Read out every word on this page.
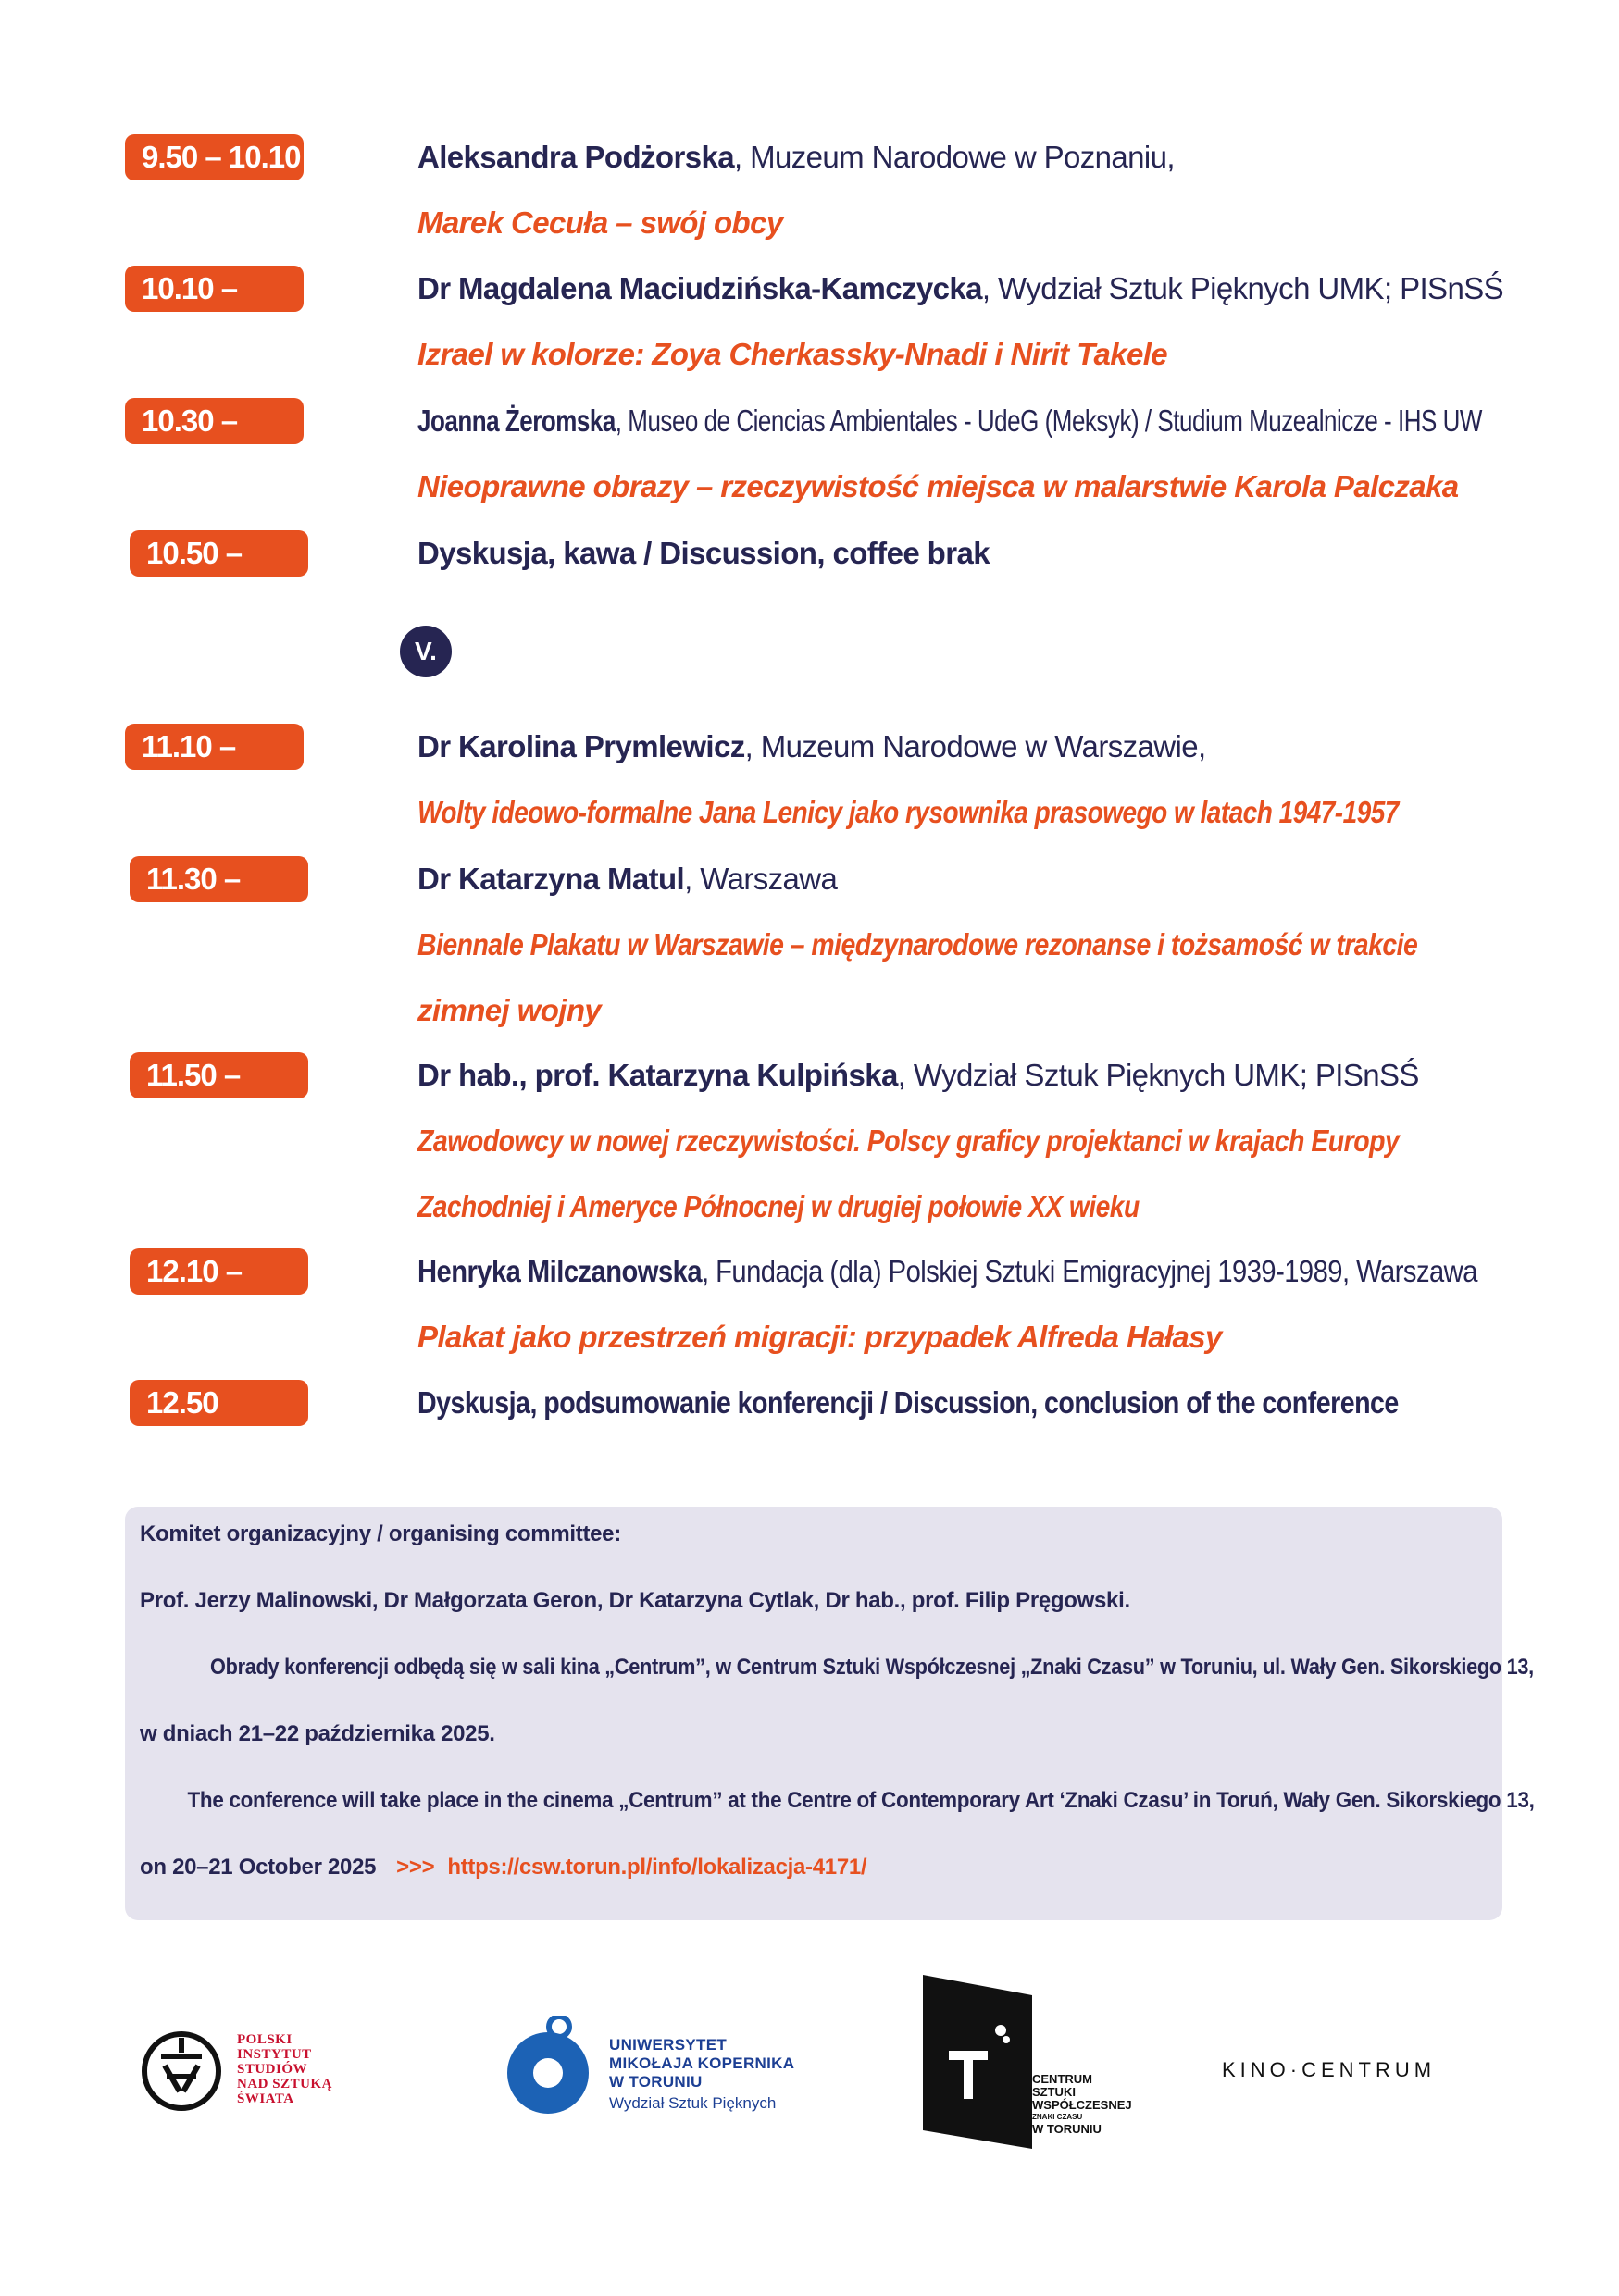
9.50 – 10.10	Aleksandra Podżorska, Muzeum Narodowe w Poznaniu,
Marek Cecuła – swój obcy
10.10 – 10.30
Dr Magdalena Maciudzińska-Kamczycka, Wydział Sztuk Pięknych UMK; PISnSŚ
Izrael w kolorze: Zoya Cherkassky-Nnadi i Nirit Takele
10.30 – 10.50
Joanna Żeromska, Museo de Ciencias Ambientales - UdeG (Meksyk) / Studium Muzealnicze - IHS UW
Nieoprawne obrazy – rzeczywistość miejsca w malarstwie Karola Palczaka
10.50 – 11.10
Dyskusja, kawa / Discussion, coffee brak
V.
11.10 – 11.30
Dr Karolina Prymlewicz, Muzeum Narodowe w Warszawie,
Wolty ideowo-formalne Jana Lenicy jako rysownika prasowego w latach 1947-1957
11.30 – 11.50
Dr Katarzyna Matul, Warszawa
Biennale Plakatu w Warszawie – międzynarodowe rezonanse i tożsamość w trakcie
zimnej wojny
11.50 – 12.10
Dr hab., prof. Katarzyna Kulpińska, Wydział Sztuk Pięknych UMK; PISnSŚ
Zawodowcy w nowej rzeczywistości. Polscy graficy projektanci w krajach Europy
Zachodniej i Ameryce Północnej w drugiej połowie XX wieku
12.10 – 12.30
Henryka Milczanowska, Fundacja (dla) Polskiej Sztuki Emigracyjnej 1939-1989, Warszawa
Plakat jako przestrzeń migracji: przypadek Alfreda Hałasy
12.50	Dyskusja, podsumowanie konferencji / Discussion, conclusion of the conference
Komitet organizacyjny / organising committee:
Prof. Jerzy Malinowski, Dr Małgorzata Geron, Dr Katarzyna Cytlak, Dr hab., prof. Filip Pręgowski.
Obrady konferencji odbędą się w sali kina „Centrum”, w Centrum Sztuki Współczesnej „Znaki Czasu” w Toruniu, ul. Wały Gen. Sikorskiego 13,
w dniach 21–22 października 2025.
The conference will take place in the cinema „Centrum” at the Centre of Contemporary Art ‘Znaki Czasu’ in Toruń, Wały Gen. Sikorskiego 13,
on 20–21 October 2025 >>> https://csw.torun.pl/info/lokalizacja-4171/
POLSKI
INSTYTUT
STUDIÓW
NAD SZTUKĄ
ŚWIATA
UNIWERSYTET
MIKOŁAJA KOPERNIKA
W TORUNIU
Wydział Sztuk Pięknych
CENTRUM
SZTUKI
WSPÓŁCZESNEJ
ZNAKI CZASU
W TORUNIU
KINO·CENTRUM
